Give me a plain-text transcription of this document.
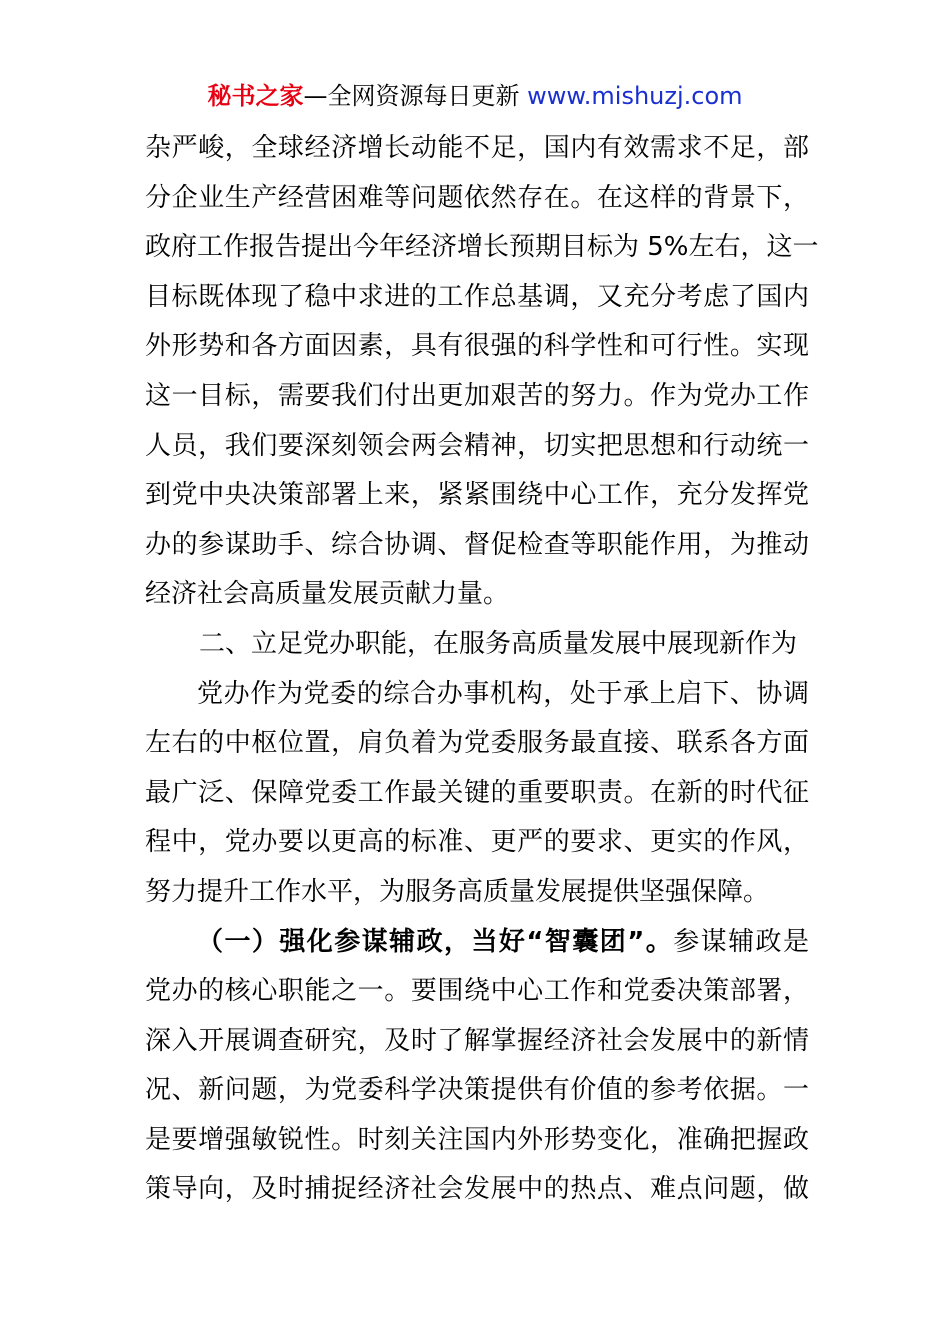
秘书之家—全网资源每日更新 www.mishuzj.com
杂严峻，全球经济增长动能不足，国内有效需求不足，部
分企业生产经营困难等问题依然存在。在这样的背景下，
政府工作报告提出今年经济增长预期目标为 5%左右，这一
目标既体现了稳中求进的工作总基调，又充分考虑了国内
外形势和各方面因素，具有很强的科学性和可行性。实现
这一目标，需要我们付出更加艰苦的努力。作为党办工作
人员，我们要深刻领会两会精神，切实把思想和行动统一
到党中央决策部署上来，紧紧围绕中心工作，充分发挥党
办的参谋助手、综合协调、督促检查等职能作用，为推动
经济社会高质量发展贡献力量。
二、立足党办职能，在服务高质量发展中展现新作为
党办作为党委的综合办事机构，处于承上启下、协调
左右的中枢位置，肩负着为党委服务最直接、联系各方面
最广泛、保障党委工作最关键的重要职责。在新的时代征
程中，党办要以更高的标准、更严的要求、更实的作风，
努力提升工作水平，为服务高质量发展提供坚强保障。
（一）强化参谋辅政，当好“智囊团”。参谋辅政是
党办的核心职能之一。要围绕中心工作和党委决策部署，
深入开展调查研究，及时了解掌握经济社会发展中的新情
况、新问题，为党委科学决策提供有价值的参考依据。一
是要增强敏锐性。时刻关注国内外形势变化，准确把握政
策导向，及时捕捉经济社会发展中的热点、难点问题，做
